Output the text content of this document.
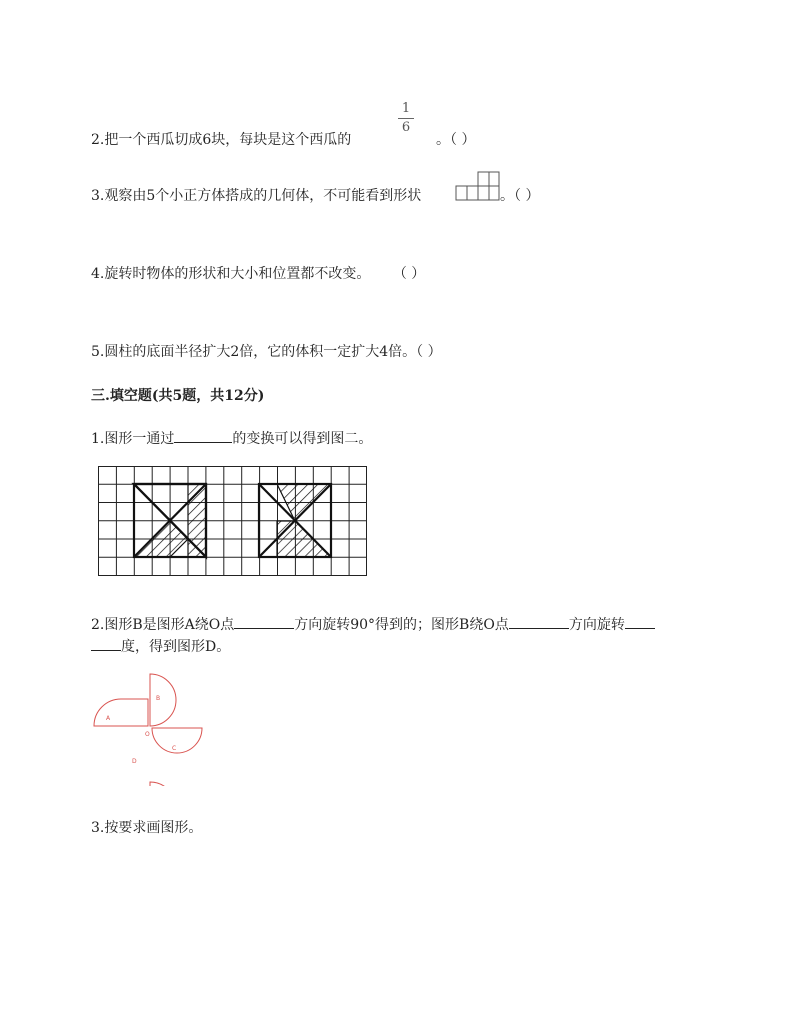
2.把一个西瓜切成6块，每块是这个西瓜的
1
6
。（ ）
3.观察由5个小正方体搭成的几何体，不可能看到形状	。（ ）
4.旋转时物体的形状和大小和位置都不改变。 （ ）
5.圆柱的底面半径扩大2倍，它的体积一定扩大4倍。（ ）
三.填空题(共5题，共12分)
1.图形一通过	的变换可以得到图二。
2.图形B是图形A绕O点	方向旋转90°得到的；图形B绕O点	方向旋转
度，得到图形D。
A
B
C
D
O
3.按要求画图形。
